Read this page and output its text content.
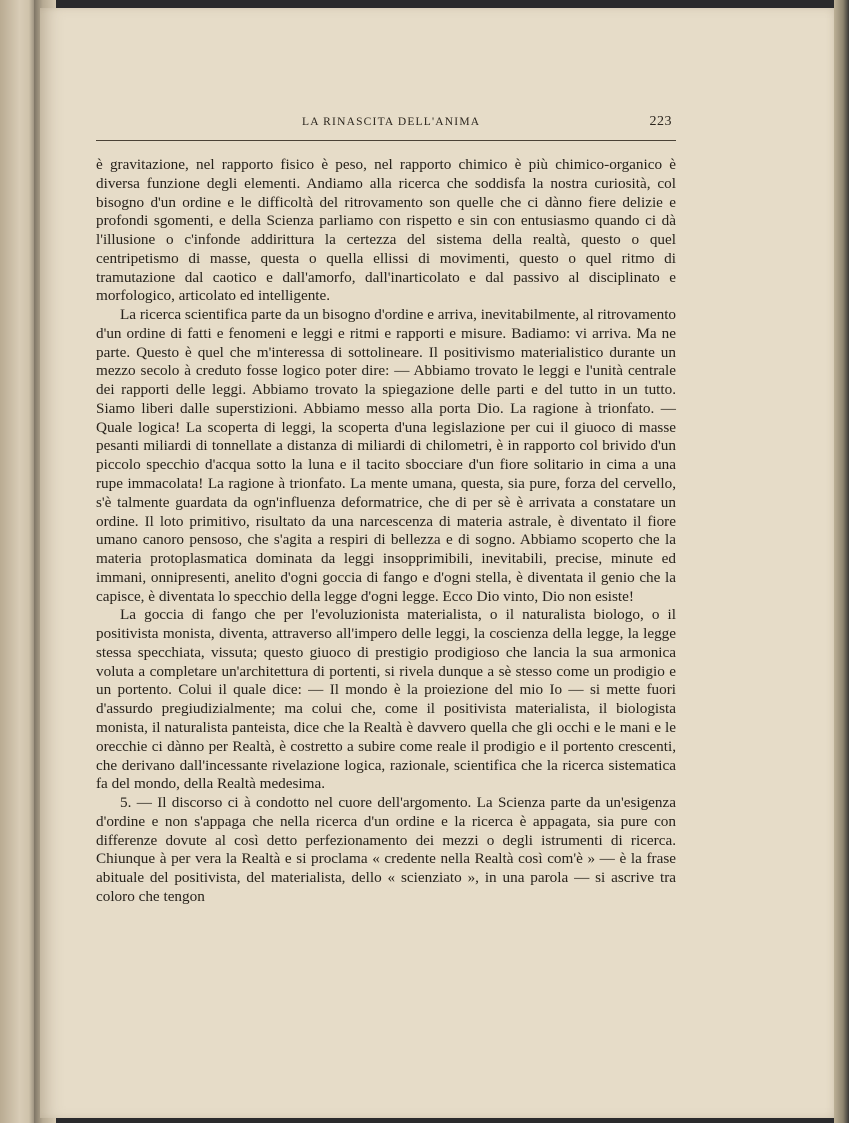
LA RINASCITA DELL'ANIMA	223

è gravitazione, nel rapporto fisico è peso, nel rapporto chimico è più chimico-organico è diversa funzione degli elementi. Andiamo alla ricerca che soddisfa la nostra curiosità, col bisogno d'un ordine e le difficoltà del ritrovamento son quelle che ci dànno fiere delizie e profondi sgomenti, e della Scienza parliamo con rispetto e sin con entusiasmo quando ci dà l'illusione o c'infonde addirittura la certezza del sistema della realtà, questo o quel centripetismo di masse, questa o quella ellissi di movimenti, questo o quel ritmo di tramutazione dal caotico e dall'amorfo, dall'inarticolato e dal passivo al disciplinato e morfologico, articolato ed intelligente.

La ricerca scientifica parte da un bisogno d'ordine e arriva, inevitabilmente, al ritrovamento d'un ordine di fatti e fenomeni e leggi e ritmi e rapporti e misure. Badiamo: vi arriva. Ma ne parte. Questo è quel che m'interessa di sottolineare. Il positivismo materialistico durante un mezzo secolo à creduto fosse logico poter dire: — Abbiamo trovato le leggi e l'unità centrale dei rapporti delle leggi. Abbiamo trovato la spiegazione delle parti e del tutto in un tutto. Siamo liberi dalle superstizioni. Abbiamo messo alla porta Dio. La ragione à trionfato. — Quale logica! La scoperta di leggi, la scoperta d'una legislazione per cui il giuoco di masse pesanti miliardi di tonnellate a distanza di miliardi di chilometri, è in rapporto col brivido d'un piccolo specchio d'acqua sotto la luna e il tacito sbocciare d'un fiore solitario in cima a una rupe immacolata! La ragione à trionfato. La mente umana, questa, sia pure, forza del cervello, s'è talmente guardata da ogn'influenza deformatrice, che di per sè è arrivata a constatare un ordine. Il loto primitivo, risultato da una narcescenza di materia astrale, è diventato il fiore umano canoro pensoso, che s'agita a respiri di bellezza e di sogno. Abbiamo scoperto che la materia protoplasmatica dominata da leggi insopprimibili, inevitabili, precise, minute ed immani, onnipresenti, anelito d'ogni goccia di fango e d'ogni stella, è diventata il genio che la capisce, è diventata lo specchio della legge d'ogni legge. Ecco Dio vinto, Dio non esiste!

La goccia di fango che per l'evoluzionista materialista, o il naturalista biologo, o il positivista monista, diventa, attraverso all'impero delle leggi, la coscienza della legge, la legge stessa specchiata, vissuta; questo giuoco di prestigio prodigioso che lancia la sua armonica voluta a completare un'architettura di portenti, si rivela dunque a sè stesso come un prodigio e un portento. Colui il quale dice: — Il mondo è la proiezione del mio Io — si mette fuori d'assurdo pregiudizialmente; ma colui che, come il positivista materialista, il biologista monista, il naturalista panteista, dice che la Realtà è davvero quella che gli occhi e le mani e le orecchie ci dànno per Realtà, è costretto a subire come reale il prodigio e il portento crescenti, che derivano dall'incessante rivelazione logica, razionale, scientifica che la ricerca sistematica fa del mondo, della Realtà medesima.

5. — Il discorso ci à condotto nel cuore dell'argomento. La Scienza parte da un'esigenza d'ordine e non s'appaga che nella ricerca d'un ordine e la ricerca è appagata, sia pure con differenze dovute al così detto perfezionamento dei mezzi o degli istrumenti di ricerca. Chiunque à per vera la Realtà e si proclama « credente nella Realtà così com'è » — è la frase abituale del positivista, del materialista, dello « scienziato », in una parola — si ascrive tra coloro che tengon
